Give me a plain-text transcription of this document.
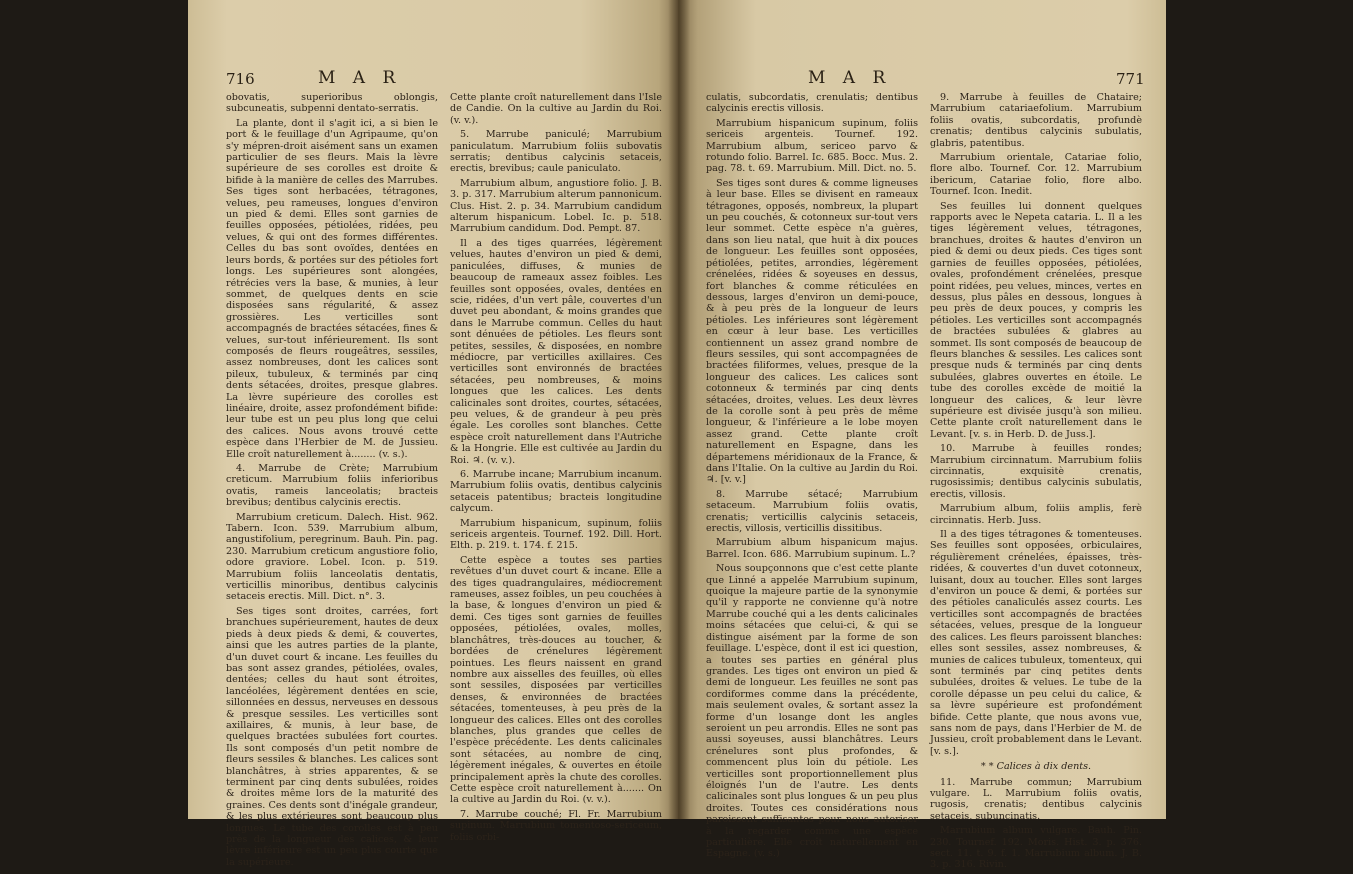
716	M A R

obovatis, superioribus oblongis, subcuneatis, subpenni dentato-serratis.

La plante, dont il s'agit ici, a si bien le port & le feuillage d'un Agripaume, qu'on s'y mépren-droit aisément sans un examen particulier de ses fleurs. Mais la lèvre supérieure de ses corolles est droite & bifide à la manière de celles des Marrubes. Ses tiges sont herbacées, tétragones, velues, peu rameuses, longues d'environ un pied & demi. Elles sont garnies de feuilles opposées, pétiolées, ridées, peu velues, & qui ont des formes différentes. Celles du bas sont ovoïdes, dentées en leurs bords, & portées sur des pétioles fort longs. Les supérieures sont alongées, rétrécies vers la base, & munies, à leur sommet, de quelques dents en scie disposées sans régularité, & assez grossières. Les verticilles sont accompagnés de bractées sétacées, fines & velues, sur-tout inférieurement. Ils sont composés de fleurs rougeâtres, sessiles, assez nombreuses, dont les calices sont pileux, tubuleux, & terminés par cinq dents sétacées, droites, presque glabres. La lèvre supérieure des corolles est linéaire, droite, assez profondément bifide: leur tube est un peu plus long que celui des calices. Nous avons trouvé cette espèce dans l'Herbier de M. de Jussieu. Elle croît naturellement à........ (v. s.).

4. Marrube de Crète; Marrubium creticum. Marrubium foliis inferioribus ovatis, rameis lanceolatis; bracteis brevibus; dentibus calycinis erectis.

Marrubium creticum. Dalech. Hist. 962. Tabern. Icon. 539. Marrubium album, angustifolium, peregrinum. Bauh. Pin. pag. 230. Marrubium creticum angustiore folio, odore graviore. Lobel. Icon. p. 519. Marrubium foliis lanceolatis dentatis, verticillis minoribus, dentibus calycinis setaceis erectis. Mill. Dict. n°. 3.

Ses tiges sont droites, carrées, fort branchues supérieurement, hautes de deux pieds à deux pieds & demi, & couvertes, ainsi que les autres parties de la plante, d'un duvet court & incane. Les feuilles du bas sont assez grandes, pétiolées, ovales, dentées; celles du haut sont étroites, lancéolées, légèrement dentées en scie, sillonnées en dessus, nerveuses en dessous & presque sessiles. Les verticilles sont axillaires, & munis, à leur base, de quelques bractées subulées fort courtes. Ils sont composés d'un petit nombre de fleurs sessiles & blanches. Les calices sont blanchâtres, à stries apparentes, & se terminent par cinq dents subulées, roides & droites même lors de la maturité des graines. Ces dents sont d'inégale grandeur, & les plus extérieures sont beaucoup plus longues. Le tube des corolles est à peu près de la longueur des calices, & leur lèvre inférieure est un peu plus courte que la supérieure.

Cette plante croît naturellement dans l'Isle de Candie. On la cultive au Jardin du Roi. (v. v.).

5. Marrube paniculé; Marrubium paniculatum. Marrubium foliis subovatis serratis; dentibus calycinis setaceis, erectis, brevibus; caule paniculato.

Marrubium album, angustiore folio. J. B. 3. p. 317. Marrubium alterum pannonicum. Clus. Hist. 2. p. 34. Marrubium candidum alterum hispanicum. Lobel. Ic. p. 518. Marrubium candidum. Dod. Pempt. 87.

Il a des tiges quarrées, légèrement velues, hautes d'environ un pied & demi, paniculées, diffuses, & munies de beaucoup de rameaux assez foibles. Les feuilles sont opposées, ovales, dentées en scie, ridées, d'un vert pâle, couvertes d'un duvet peu abondant, & moins grandes que dans le Marrube commun. Celles du haut sont dénuées de pétioles. Les fleurs sont petites, sessiles, & disposées, en nombre médiocre, par verticilles axillaires. Ces verticilles sont environnés de bractées sétacées, peu nombreuses, & moins longues que les calices. Les dents calicinales sont droites, courtes, sétacées, peu velues, & de grandeur à peu près égale. Les corolles sont blanches. Cette espèce croît naturellement dans l'Autriche & la Hongrie. Elle est cultivée au Jardin du Roi. ♃. (v. v.).

6. Marrube incane; Marrubium incanum. Marrubium foliis ovatis, dentibus calycinis setaceis patentibus; bracteis longitudine calycum.

Marrubium hispanicum, supinum, foliis sericeis argenteis. Tournef. 192. Dill. Hort. Elth. p. 219. t. 174. f. 215.

Cette espèce a toutes ses parties revêtues d'un duvet court & incane. Elle a des tiges quadrangulaires, médiocrement rameuses, assez foibles, un peu couchées à la base, & longues d'environ un pied & demi. Ces tiges sont garnies de feuilles opposées, pétiolées, ovales, molles, blanchâtres, très-douces au toucher, & bordées de crénelures légèrement pointues. Les fleurs naissent en grand nombre aux aisselles des feuilles, où elles sont sessiles, disposées par verticilles denses, & environnées de bractées sétacées, tomenteuses, à peu près de la longueur des calices. Elles ont des corolles blanches, plus grandes que celles de l'espèce précédente. Les dents calicinales sont sétacées, au nombre de cinq, légèrement inégales, & ouvertes en étoile principalement après la chute des corolles. Cette espèce croît naturellement à....... On la cultive au Jardin du Roi. (v. v.).

7. Marrube couché; Fl. Fr. Marrubium supinum. Marrubium tomentoso-sericeum, foliis orbi-

M A R	771

culatis, subcordatis, crenulatis; dentibus calycinis erectis villosis.

Marrubium hispanicum supinum, foliis sericeis argenteis. Tournef. 192. Marrubium album, sericeo parvo & rotundo folio. Barrel. Ic. 685. Bocc. Mus. 2. pag. 78. t. 69. Marrubium. Mill. Dict. no. 5.

Ses tiges sont dures & comme ligneuses à leur base. Elles se divisent en rameaux tétragones, opposés, nombreux, la plupart un peu couchés, & cotonneux sur-tout vers leur sommet. Cette espèce n'a guères, dans son lieu natal, que huit à dix pouces de longueur. Les feuilles sont opposées, pétiolées, petites, arrondies, légèrement crénelées, ridées & soyeuses en dessus, fort blanches & comme réticulées en dessous, larges d'environ un demi-pouce, & à peu près de la longueur de leurs pétioles. Les inférieures sont légèrement en cœur à leur base. Les verticilles contiennent un assez grand nombre de fleurs sessiles, qui sont accompagnées de bractées filiformes, velues, presque de la longueur des calices. Les calices sont cotonneux & terminés par cinq dents sétacées, droites, velues. Les deux lèvres de la corolle sont à peu près de même longueur, & l'inférieure a le lobe moyen assez grand. Cette plante croît naturellement en Espagne, dans les départemens méridionaux de la France, & dans l'Italie. On la cultive au Jardin du Roi. ♃. [v. v.]

8. Marrube sétacé; Marrubium setaceum. Marrubium foliis ovatis, crenatis; verticillis calycinis setaceis, erectis, villosis, verticillis dissitibus.

Marrubium album hispanicum majus. Barrel. Icon. 686. Marrubium supinum. L.?

Nous soupçonnons que c'est cette plante que Linné a appelée Marrubium supinum, quoique la majeure partie de la synonymie qu'il y rapporte ne convienne qu'à notre Marrube couché qui a les dents calicinales moins sétacées que celui-ci, & qui se distingue aisément par la forme de son feuillage. L'espèce, dont il est ici question, a toutes ses parties en général plus grandes. Les tiges ont environ un pied & demi de longueur. Les feuilles ne sont pas cordiformes comme dans la précédente, mais seulement ovales, & sortant assez la forme d'un losange dont les angles seroient un peu arrondis. Elles ne sont pas aussi soyeuses, aussi blanchâtres. Leurs crénelures sont plus profondes, & commencent plus loin du pétiole. Les verticilles sont proportionnellement plus éloignés l'un de l'autre. Les dents calicinales sont plus longues & un peu plus droites. Toutes ces considérations nous paroissent suffisantes pour nous autoriser à la regarder comme une espèce particulière. Elle croît naturellement en Espagne. (v. s.)

9. Marrube à feuilles de Chataire; Marrubium catariaefolium. Marrubium foliis ovatis, subcordatis, profundè crenatis; dentibus calycinis subulatis, glabris, patentibus.

Marrubium orientale, Catariae folio, flore albo. Tournef. Cor. 12. Marrubium ibericum, Catariae folio, flore albo. Tournef. Icon. Inedit.

Ses feuilles lui donnent quelques rapports avec le Nepeta cataria. L. Il a les tiges légèrement velues, tétragones, branchues, droites & hautes d'environ un pied & demi ou deux pieds. Ces tiges sont garnies de feuilles opposées, pétiolées, ovales, profondément crénelées, presque point ridées, peu velues, minces, vertes en dessus, plus pâles en dessous, longues à peu près de deux pouces, y compris les pétioles. Les verticilles sont accompagnés de bractées subulées & glabres au sommet. Ils sont composés de beaucoup de fleurs blanches & sessiles. Les calices sont presque nuds & terminés par cinq dents subulées, glabres ouvertes en étoile. Le tube des corolles excède de moitié la longueur des calices, & leur lèvre supérieure est divisée jusqu'à son milieu. Cette plante croît naturellement dans le Levant. [v. s. in Herb. D. de Juss.].

10. Marrube à feuilles rondes; Marrubium circinnatum. Marrubium foliis circinnatis, exquisitè crenatis, rugosissimis; dentibus calycinis subulatis, erectis, villosis.

Marrubium album, foliis amplis, ferè circinnatis. Herb. Juss.

Il a des tiges tétragones & tomenteuses. Ses feuilles sont opposées, orbiculaires, régulièrement crénelées, épaisses, très-ridées, & couvertes d'un duvet cotonneux, luisant, doux au toucher. Elles sont larges d'environ un pouce & demi, & portées sur des pétioles canaliculés assez courts. Les verticilles sont accompagnés de bractées sétacées, velues, presque de la longueur des calices. Les fleurs paroissent blanches: elles sont sessiles, assez nombreuses, & munies de calices tubuleux, tomenteux, qui sont terminés par cinq petites dents subulées, droites & velues. Le tube de la corolle dépasse un peu celui du calice, & sa lèvre supérieure est profondément bifide. Cette plante, que nous avons vue, sans nom de pays, dans l'Herbier de M. de Jussieu, croît probablement dans le Levant. [v. s.].

* * Calices à dix dents.

11. Marrube commun; Marrubium vulgare. L. Marrubium foliis ovatis, rugosis, crenatis; dentibus calycinis setaceis, subuncinatis.

Marrubium album vulgare. Bauh. Pin. 230. Tournef. 192. Moris. Hist. 3. p. 376. sect. 11. t. 9. f. 1. Marrubium album. J. B. 3. p. 316. Rivin.
